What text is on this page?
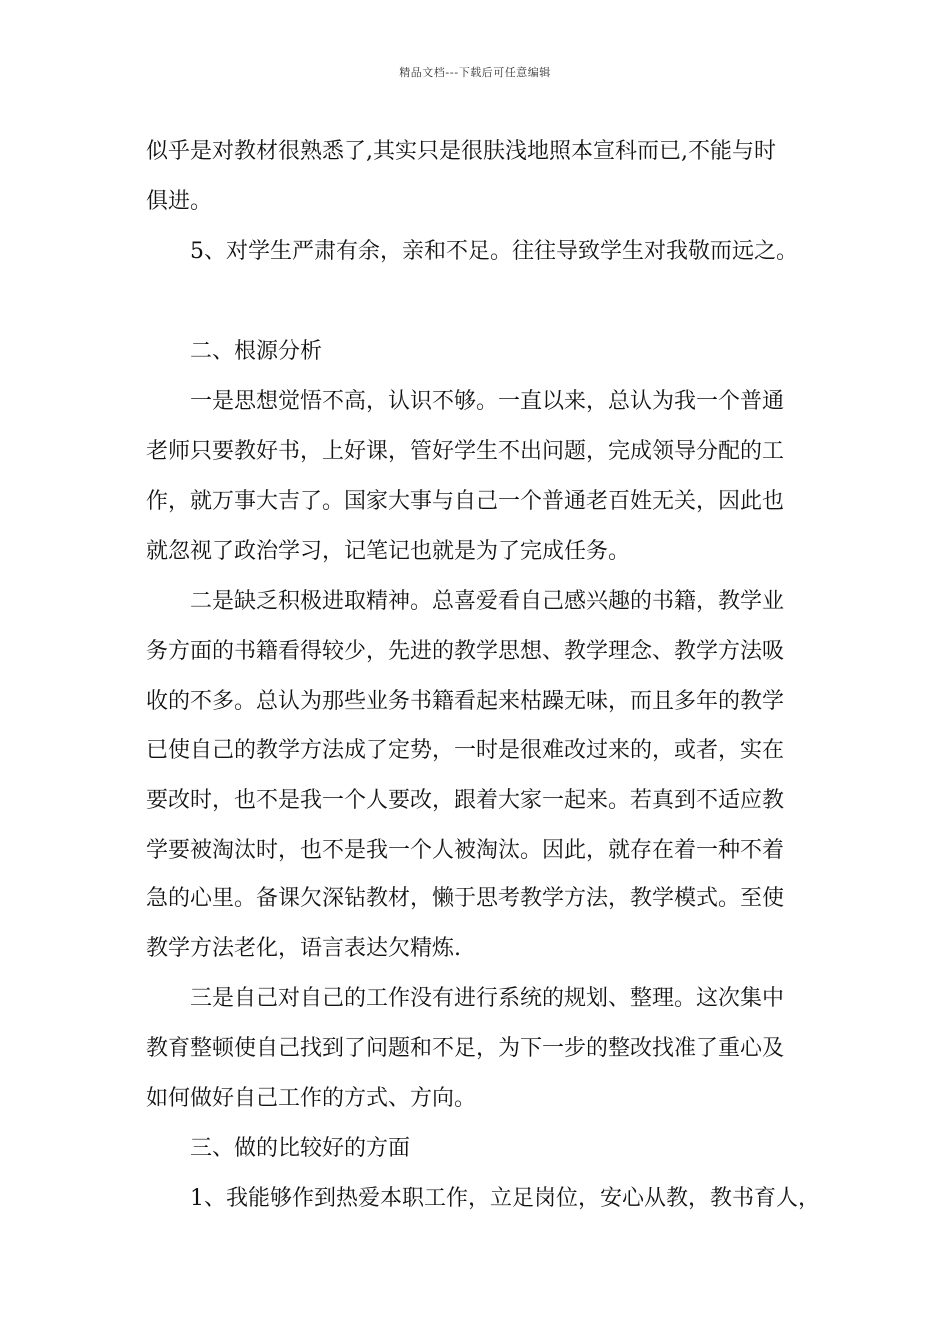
精品文档---下载后可任意编辑
似乎是对教材很熟悉了,其实只是很肤浅地照本宣科而已,不能与时
俱进。
5、对学生严肃有余，亲和不足。往往导致学生对我敬而远之。
二、根源分析
一是思想觉悟不高，认识不够。一直以来，总认为我一个普通
老师只要教好书，上好课，管好学生不出问题，完成领导分配的工
作，就万事大吉了。国家大事与自己一个普通老百姓无关，因此也
就忽视了政治学习，记笔记也就是为了完成任务。
二是缺乏积极进取精神。总喜爱看自己感兴趣的书籍，教学业
务方面的书籍看得较少，先进的教学思想、教学理念、教学方法吸
收的不多。总认为那些业务书籍看起来枯躁无味，而且多年的教学
已使自己的教学方法成了定势，一时是很难改过来的，或者，实在
要改时，也不是我一个人要改，跟着大家一起来。若真到不适应教
学要被淘汰时，也不是我一个人被淘汰。因此，就存在着一种不着
急的心里。备课欠深钻教材，懒于思考教学方法，教学模式。至使
教学方法老化，语言表达欠精炼.
三是自己对自己的工作没有进行系统的规划、整理。这次集中
教育整顿使自己找到了问题和不足，为下一步的整改找准了重心及
如何做好自己工作的方式、方向。
三、做的比较好的方面
1、我能够作到热爱本职工作，立足岗位，安心从教，教书育人，
